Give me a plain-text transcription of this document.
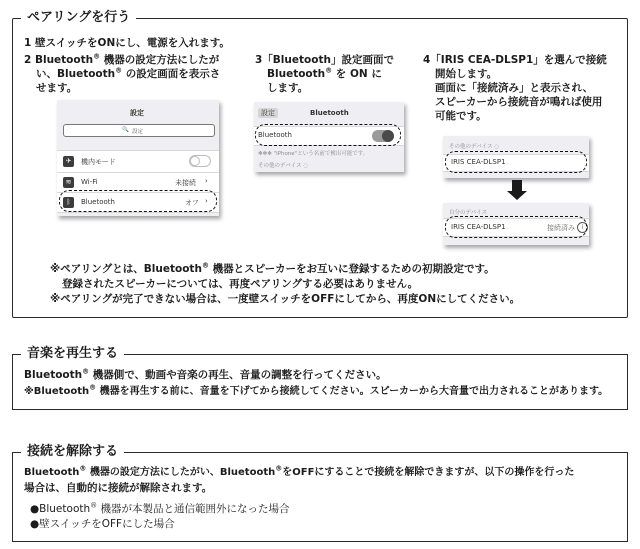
ペアリングを行う
1 壁スイッチをONにし、電源を入れます。
2 Bluetooth® 機器の設定方法にしたが
い、Bluetooth® の設定画面を表示さ
せます。
3「Bluetooth」設定画面で
Bluetooth® を ON に
します。
4「IRIS CEA-DLSP1」を選んで接続
開始します。
画面に「接続済み」と表示され、
スピーカーから接続音が鳴れば使用
可能です。
設定
🔍 設定
✈	機内モード
≋	Wi-Fi	未接続 ›
ᛒ	Bluetooth	オフ ›
設定	Bluetooth
Bluetooth
✻✻✻ "iPhone"という名前で検出可能です。
その他のデバイス ◌
その他のデバイス ◌
IRIS CEA-DLSP1
自分のデバイス
IRIS CEA-DLSP1	接続済み	i
※ペアリングとは、Bluetooth® 機器とスピーカーをお互いに登録するための初期設定です。
登録されたスピーカーについては、再度ペアリングする必要はありません。
※ペアリングが完了できない場合は、一度壁スイッチをOFFにしてから、再度ONにしてください。
音楽を再生する
Bluetooth® 機器側で、動画や音楽の再生、音量の調整を行ってください。
※Bluetooth® 機器を再生する前に、音量を下げてから接続してください。スピーカーから大音量で出力されることがあります。
接続を解除する
Bluetooth® 機器の設定方法にしたがい、Bluetooth®をOFFにすることで接続を解除できますが、以下の操作を行った
場合は、自動的に接続が解除されます。
●Bluetooth® 機器が本製品と通信範囲外になった場合
●壁スイッチをOFFにした場合
